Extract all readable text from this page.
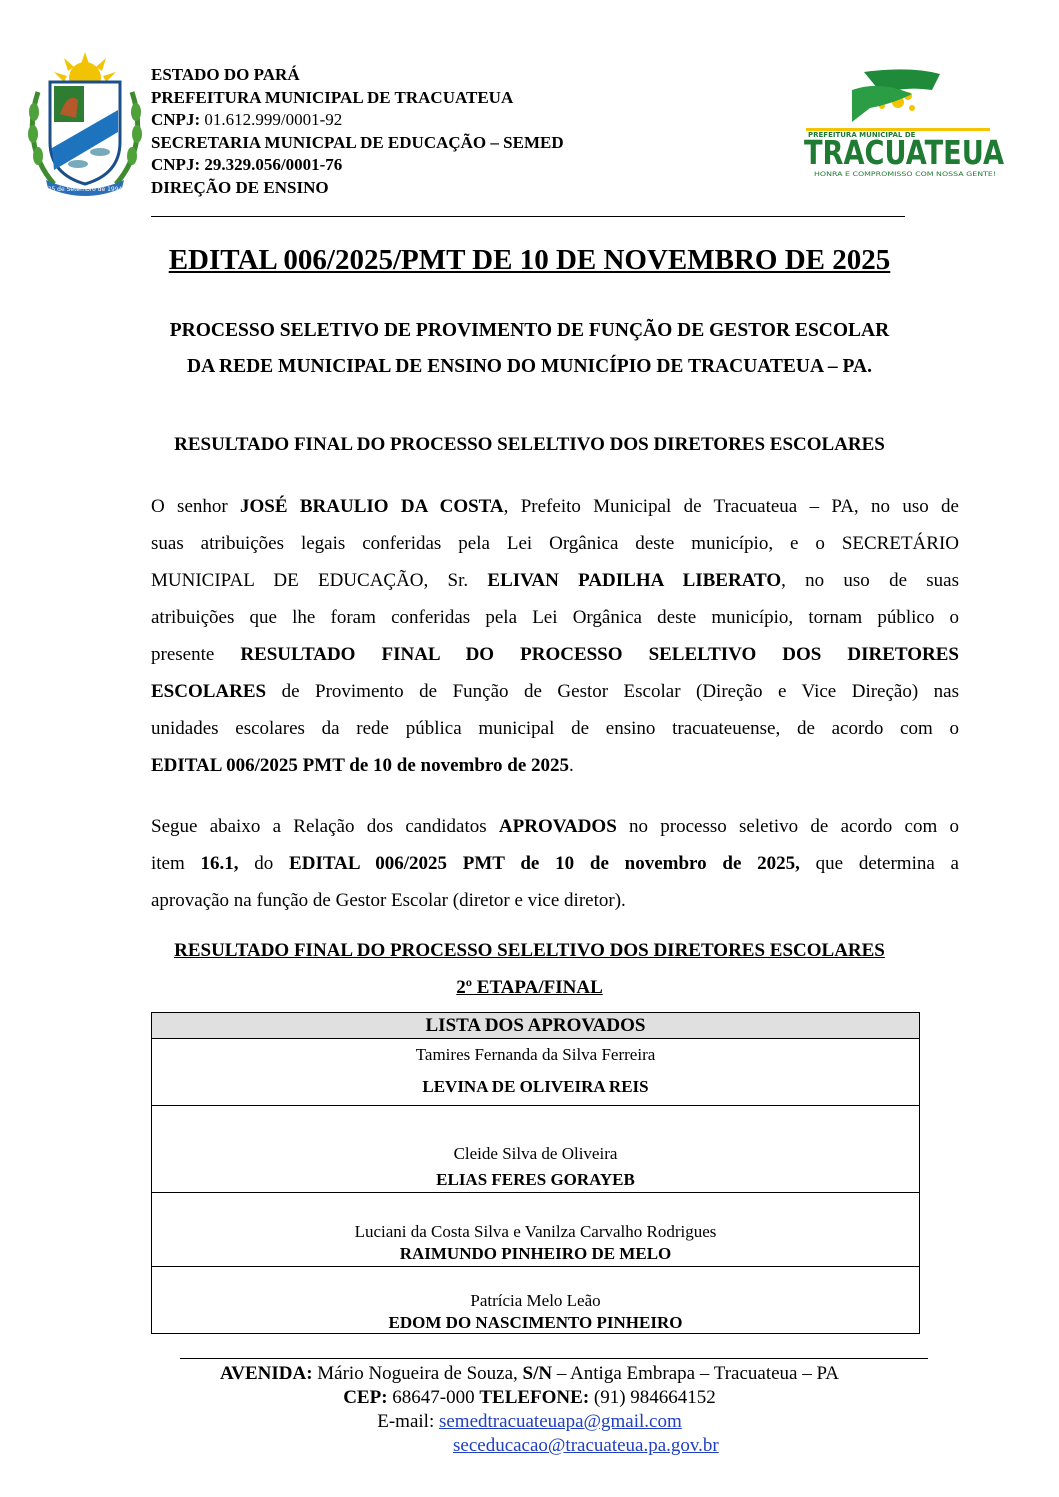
25 de Setembro de 1994
ESTADO DO PARÁ
PREFEITURA MUNICIPAL DE TRACUATEUA
CNPJ: 01.612.999/0001-92
SECRETARIA MUNICPAL DE EDUCAÇÃO – SEMED
CNPJ: 29.329.056/0001-76
DIREÇÃO DE ENSINO
PREFEITURA MUNICIPAL DE
TRACUATEUA
HONRA E COMPROMISSO COM NOSSA GENTE!
EDITAL 006/2025/PMT DE 10 DE NOVEMBRO DE 2025
PROCESSO SELETIVO DE PROVIMENTO DE FUNÇÃO DE GESTOR ESCOLAR
DA REDE MUNICIPAL DE ENSINO DO MUNICÍPIO DE TRACUATEUA – PA.
RESULTADO FINAL DO PROCESSO SELELTIVO DOS DIRETORES ESCOLARES
O senhor JOSÉ BRAULIO DA COSTA, Prefeito Municipal de Tracuateua – PA, no uso de
suas atribuições legais conferidas pela Lei Orgânica deste município, e o SECRETÁRIO
MUNICIPAL DE EDUCAÇÃO, Sr. ELIVAN PADILHA LIBERATO, no uso de suas
atribuições que lhe foram conferidas pela Lei Orgânica deste município, tornam público o
presente RESULTADO FINAL DO PROCESSO SELELTIVO DOS DIRETORES
ESCOLARES de Provimento de Função de Gestor Escolar (Direção e Vice Direção) nas
unidades escolares da rede pública municipal de ensino tracuateuense, de acordo com o
EDITAL 006/2025 PMT de 10 de novembro de 2025.
Segue abaixo a Relação dos candidatos APROVADOS no processo seletivo de acordo com o
item 16.1, do EDITAL 006/2025 PMT de 10 de novembro de 2025, que determina a
aprovação na função de Gestor Escolar (diretor e vice diretor).
RESULTADO FINAL DO PROCESSO SELELTIVO DOS DIRETORES ESCOLARES
2º ETAPA/FINAL
LISTA DOS APROVADOS

Tamires Fernanda da Silva Ferreira
LEVINA DE OLIVEIRA REIS

Cleide Silva de Oliveira
ELIAS FERES GORAYEB

Luciani da Costa Silva e Vanilza Carvalho Rodrigues
RAIMUNDO PINHEIRO DE MELO

Patrícia Melo Leão
EDOM DO NASCIMENTO PINHEIRO
AVENIDA: Mário Nogueira de Souza, S/N – Antiga Embrapa – Tracuateua – PA
CEP: 68647-000 TELEFONE: (91) 984664152
E-mail: semedtracuateuapa@gmail.com
seceducacao@tracuateua.pa.gov.br
